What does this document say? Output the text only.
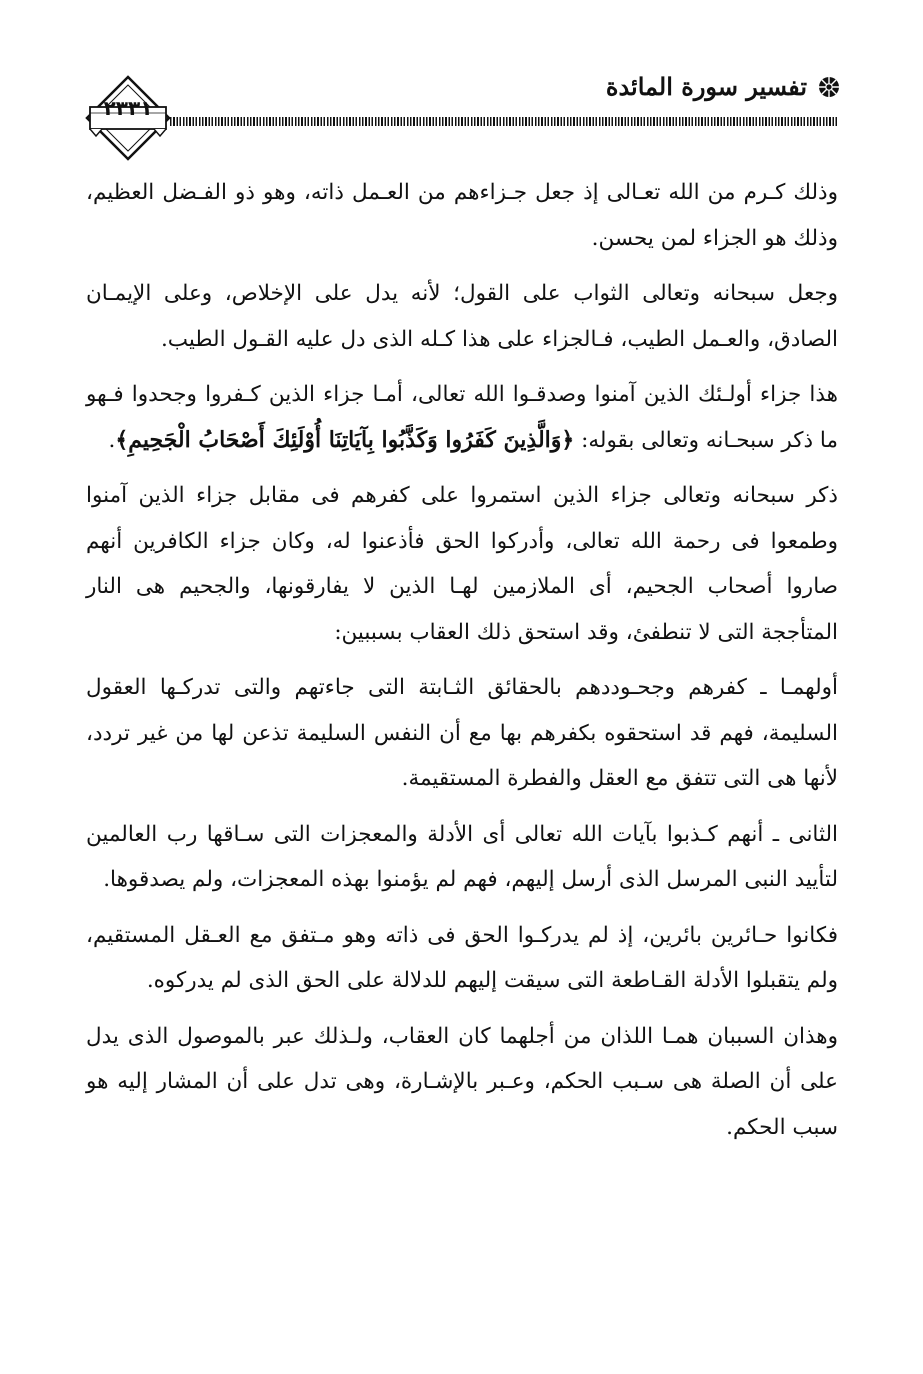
تفسير سورة المائدة
٢٣٣١

وذلك كـرم من الله تعـالى إذ جعل جـزاءهم من العـمل ذاته، وهو ذو الفـضل العظيم، وذلك هو الجزاء لمن يحسن.

وجعل سبحانه وتعالى الثواب على القول؛ لأنه يدل على الإخلاص، وعلى الإيمـان الصادق، والعـمل الطيب، فـالجزاء على هذا كـله الذى دل عليه القـول الطيب.

هذا جزاء أولـئك الذين آمنوا وصدقـوا الله تعالى، أمـا جزاء الذين كـفروا وجحدوا فـهو ما ذكر سبحـانه وتعالى بقوله: ﴿وَالَّذِينَ كَفَرُوا وَكَذَّبُوا بِآيَاتِنَا أُوْلَئِكَ أَصْحَابُ الْجَحِيمِ﴾.

ذكر سبحانه وتعالى جزاء الذين استمروا على كفرهم فى مقابل جزاء الذين آمنوا وطمعوا فى رحمة الله تعالى، وأدركوا الحق فأذعنوا له، وكان جزاء الكافرين أنهم صاروا أصحاب الجحيم، أى الملازمين لهـا الذين لا يفارقونها، والجحيم هى النار المتأججة التى لا تنطفئ، وقد استحق ذلك العقاب بسببين:

أولهمـا ـ كفرهم وجحـوددهم بالحقائق الثـابتة التى جاءتهم والتى تدركـها العقول السليمة، فهم قد استحقوه بكفرهم بها مع أن النفس السليمة تذعن لها من غير تردد، لأنها هى التى تتفق مع العقل والفطرة المستقيمة.

الثانى ـ أنهم كـذبوا بآيات الله تعالى أى الأدلة والمعجزات التى سـاقها رب العالمين لتأييد النبى المرسل الذى أرسل إليهم، فهم لم يؤمنوا بهذه المعجزات، ولم يصدقوها.

فكانوا حـائرين بائرين، إذ لم يدركـوا الحق فى ذاته وهو مـتفق مع العـقل المستقيم، ولم يتقبلوا الأدلة القـاطعة التى سيقت إليهم للدلالة على الحق الذى لم يدركوه.

وهذان السببان همـا اللذان من أجلهما كان العقاب، ولـذلك عبر بالموصول الذى يدل على أن الصلة هى سـبب الحكم، وعـبر بالإشـارة، وهى تدل على أن المشار إليه هو سبب الحكم.
